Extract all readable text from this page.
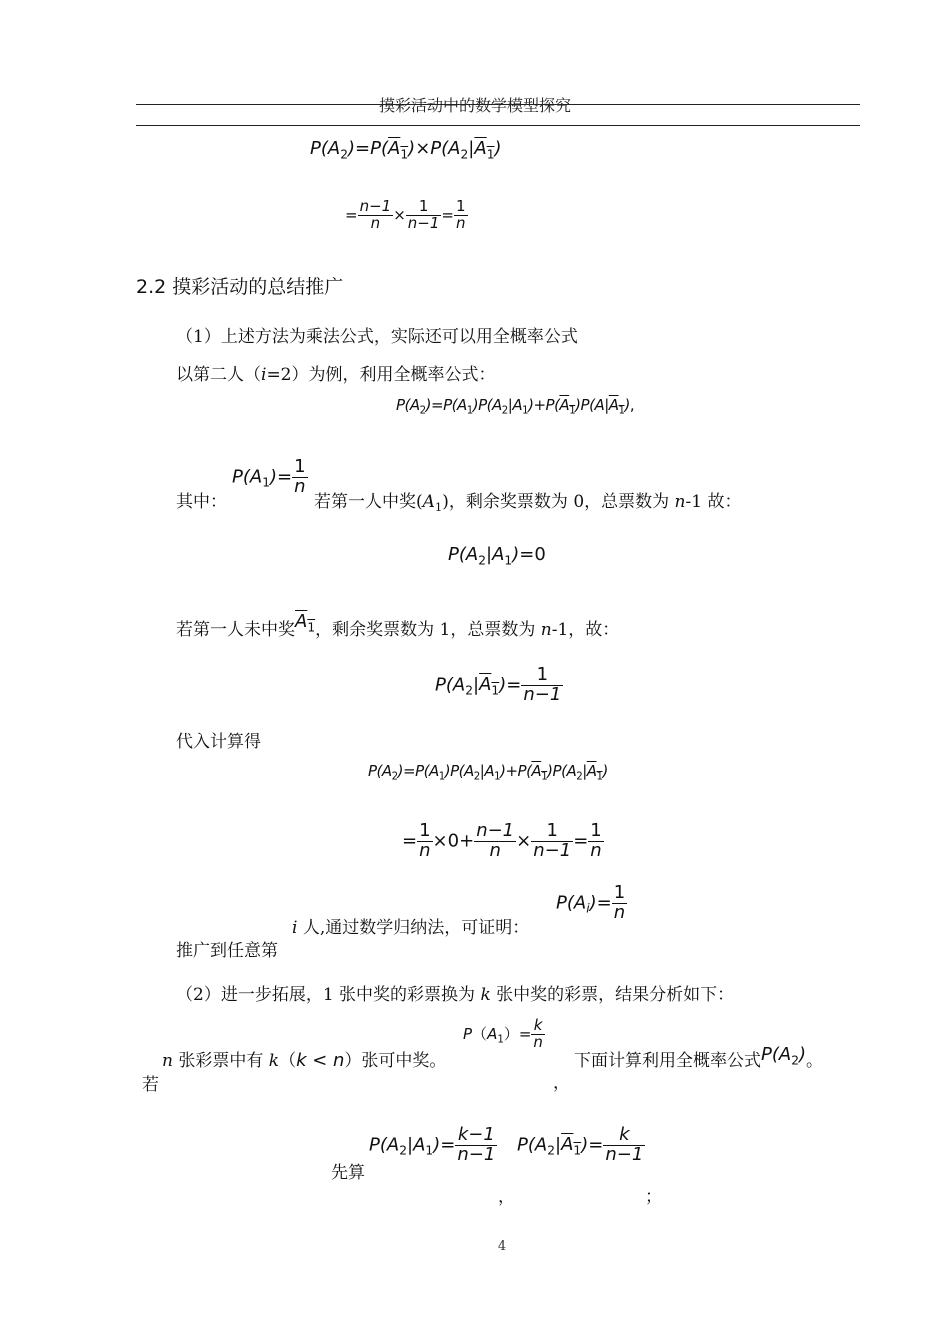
摸彩活动中的数学模型探究
$P(A_2)=P(A_1)\times P(A_2|A_1)$
= $\frac{n-1}{n} \times \frac{1}{n-1} = \frac{1}{n}$
2.2 摸彩活动的总结推广
（1）上述方法为乘法公式，实际还可以用全概率公式
以第二人（i=2）为例，利用全概率公式：
$P(A_2)=P(A_1)P(A_2|A_1)+P(A_1)P(A|A_1)$,
其中：
$P(A_1)= \frac{1}{n}$
若第一人中奖$(A_1)$，剩余奖票数为 0，总票数为 n-1 故：
$P(A_2|A_1)=0$
若第一人未中奖$A_1$，剩余奖票数为 1，总票数为 n-1，故：
$P(A_2|A_1)= \frac{1}{n-1}$
代入计算得
$P(A_2)=P(A_1)P(A_2|A_1)+P(A_1)P(A_2|A_1)$
= $\frac{1}{n} \times 0+ \frac{n-1}{n} \times \frac{1}{n-1} = \frac{1}{n}$
i 人,通过数学归纳法，可证明：
$P(A_i)= \frac{1}{n}$
推广到任意第
（2）进一步拓展，1 张中奖的彩票换为 k 张中奖的彩票，结果分析如下：
n 张彩票中有 k（k < n）张可中奖。
若
$P(A_1)= \frac{k}{n}$
，
下面计算利用全概率公式$P(A_2)$。
先算
$P(A_2|A_1)= \frac{k-1}{n-1} P(A_2|A_1)= \frac{k}{n-1}$
，	；
4
